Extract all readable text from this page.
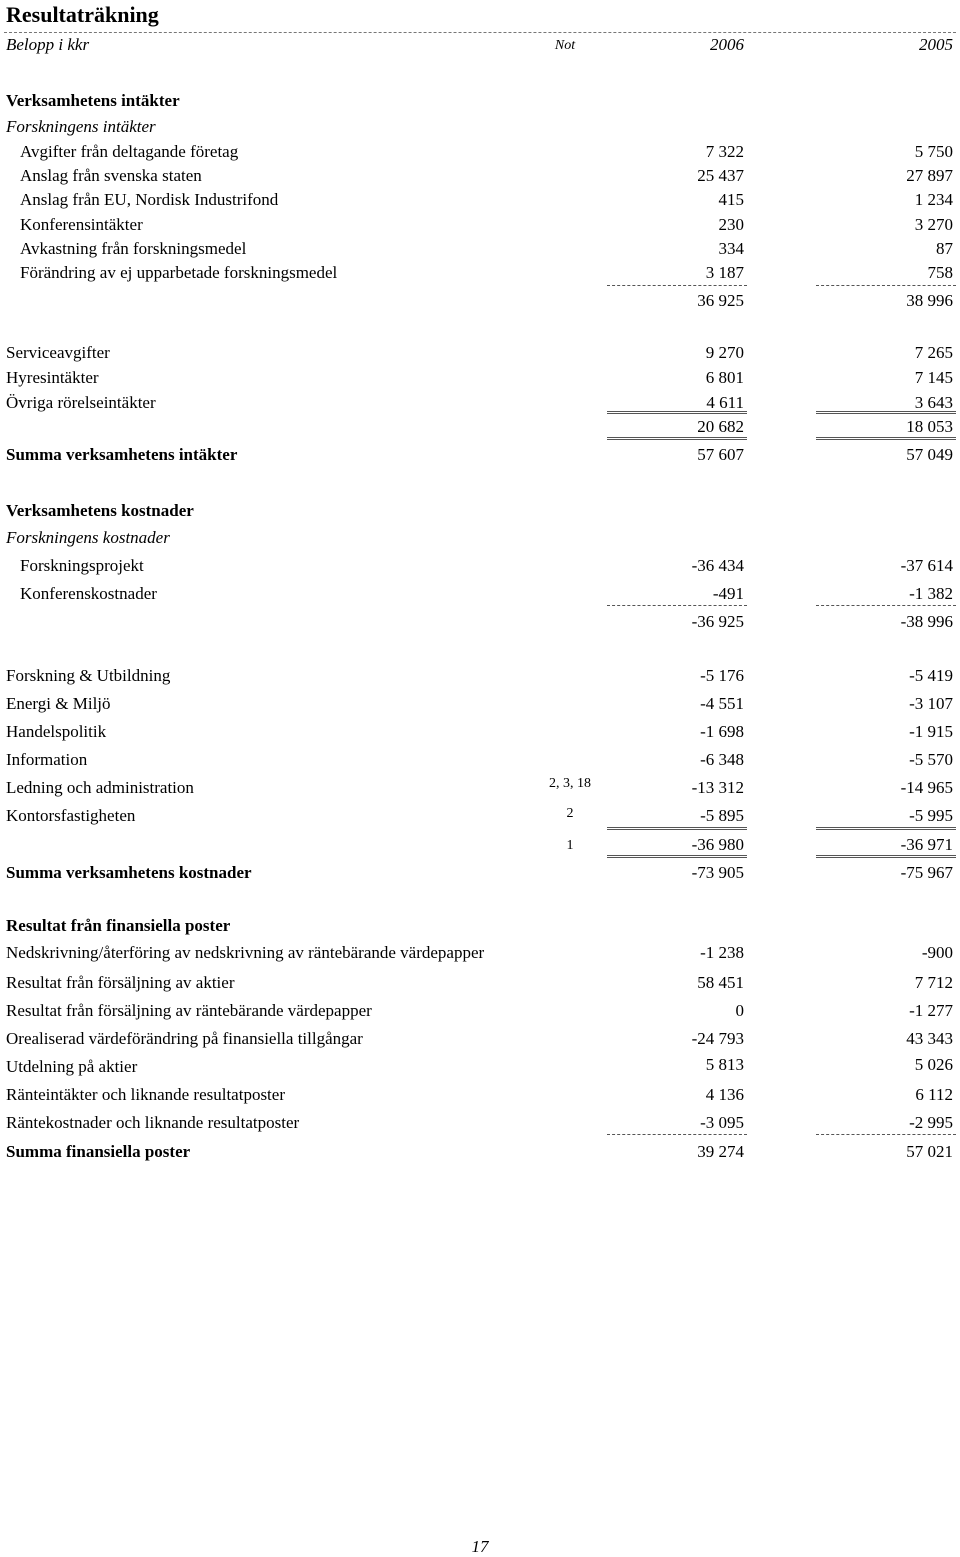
Resultaträkning
Belopp i kkr	Not	2006	2005
Verksamhetens intäkter
Forskningens intäkter
Avgifter från deltagande företag	7 322	5 750
Anslag från svenska staten	25 437	27 897
Anslag från EU, Nordisk Industrifond	415	1 234
Konferensintäkter	230	3 270
Avkastning från forskningsmedel	334	87
Förändring av ej upparbetade forskningsmedel	3 187	758
36 925	38 996
Serviceavgifter	9 270	7 265
Hyresintäkter	6 801	7 145
Övriga rörelseintäkter	4 611	3 643
20 682	18 053
Summa verksamhetens intäkter	57 607	57 049
Verksamhetens kostnader
Forskningens kostnader
Forskningsprojekt	-36 434	-37 614
Konferenskostnader	-491	-1 382
-36 925	-38 996
Forskning & Utbildning	-5 176	-5 419
Energi & Miljö	-4 551	-3 107
Handelspolitik	-1 698	-1 915
Information	-6 348	-5 570
Ledning och administration	2, 3, 18	-13 312	-14 965
Kontorsfastigheten	2	-5 895	-5 995
1	-36 980	-36 971
Summa verksamhetens kostnader	-73 905	-75 967
Resultat från finansiella poster
Nedskrivning/återföring av nedskrivning av räntebärande värdepapper	-1 238	-900
Resultat från försäljning av aktier	58 451	7 712
Resultat från försäljning av räntebärande värdepapper	0	-1 277
Orealiserad värdeförändring på finansiella tillgångar	-24 793	43 343
Utdelning på aktier	5 813	5 026
Ränteintäkter och liknande resultatposter	4 136	6 112
Räntekostnader och liknande resultatposter	-3 095	-2 995
Summa finansiella poster	39 274	57 021
17
